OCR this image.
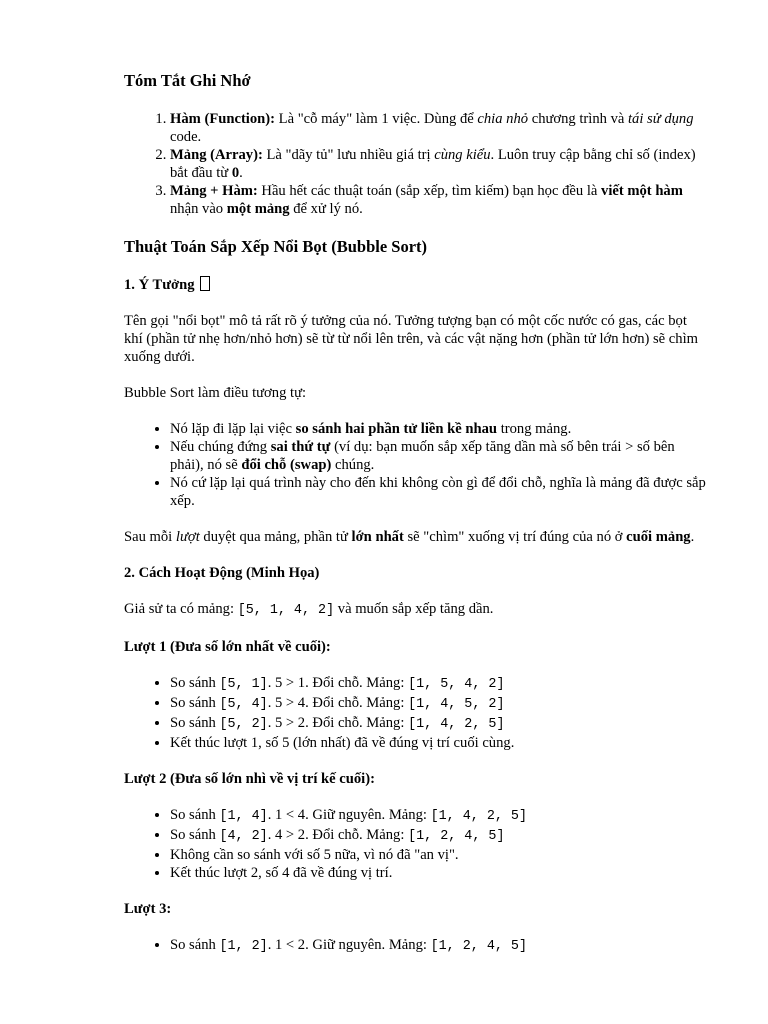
Tóm Tắt Ghi Nhớ
1. Hàm (Function): Là "cỗ máy" làm 1 việc. Dùng để chia nhỏ chương trình và tái sử dụng code.
2. Mảng (Array): Là "dãy tủ" lưu nhiều giá trị cùng kiểu. Luôn truy cập bằng chỉ số (index) bắt đầu từ 0.
3. Mảng + Hàm: Hầu hết các thuật toán (sắp xếp, tìm kiếm) bạn học đều là viết một hàm nhận vào một mảng để xử lý nó.
Thuật Toán Sắp Xếp Nổi Bọt (Bubble Sort)
1. Ý Tưởng

Tên gọi "nổi bọt" mô tả rất rõ ý tưởng của nó. Tưởng tượng bạn có một cốc nước có gas, các bọt khí (phần tử nhẹ hơn/nhỏ hơn) sẽ từ từ nổi lên trên, và các vật nặng hơn (phần tử lớn hơn) sẽ chìm xuống dưới.

Bubble Sort làm điều tương tự:

• Nó lặp đi lặp lại việc so sánh hai phần tử liền kề nhau trong mảng.
• Nếu chúng đứng sai thứ tự (ví dụ: bạn muốn sắp xếp tăng dần mà số bên trái > số bên phải), nó sẽ đổi chỗ (swap) chúng.
• Nó cứ lặp lại quá trình này cho đến khi không còn gì để đổi chỗ, nghĩa là mảng đã được sắp xếp.

Sau mỗi lượt duyệt qua mảng, phần tử lớn nhất sẽ "chìm" xuống vị trí đúng của nó ở cuối mảng.

2. Cách Hoạt Động (Minh Họa)

Giả sử ta có mảng: [5, 1, 4, 2] và muốn sắp xếp tăng dần.

Lượt 1 (Đưa số lớn nhất về cuối):
• So sánh [5, 1]. 5 > 1. Đổi chỗ. Mảng: [1, 5, 4, 2]
• So sánh [5, 4]. 5 > 4. Đổi chỗ. Mảng: [1, 4, 5, 2]
• So sánh [5, 2]. 5 > 2. Đổi chỗ. Mảng: [1, 4, 2, 5]
• Kết thúc lượt 1, số 5 (lớn nhất) đã về đúng vị trí cuối cùng.
Lượt 2 (Đưa số lớn nhì về vị trí kế cuối):
• So sánh [1, 4]. 1 < 4. Giữ nguyên. Mảng: [1, 4, 2, 5]
• So sánh [4, 2]. 4 > 2. Đổi chỗ. Mảng: [1, 2, 4, 5]
• Không cần so sánh với số 5 nữa, vì nó đã "an vị".
• Kết thúc lượt 2, số 4 đã về đúng vị trí.
Lượt 3:
• So sánh [1, 2]. 1 < 2. Giữ nguyên. Mảng: [1, 2, 4, 5]
